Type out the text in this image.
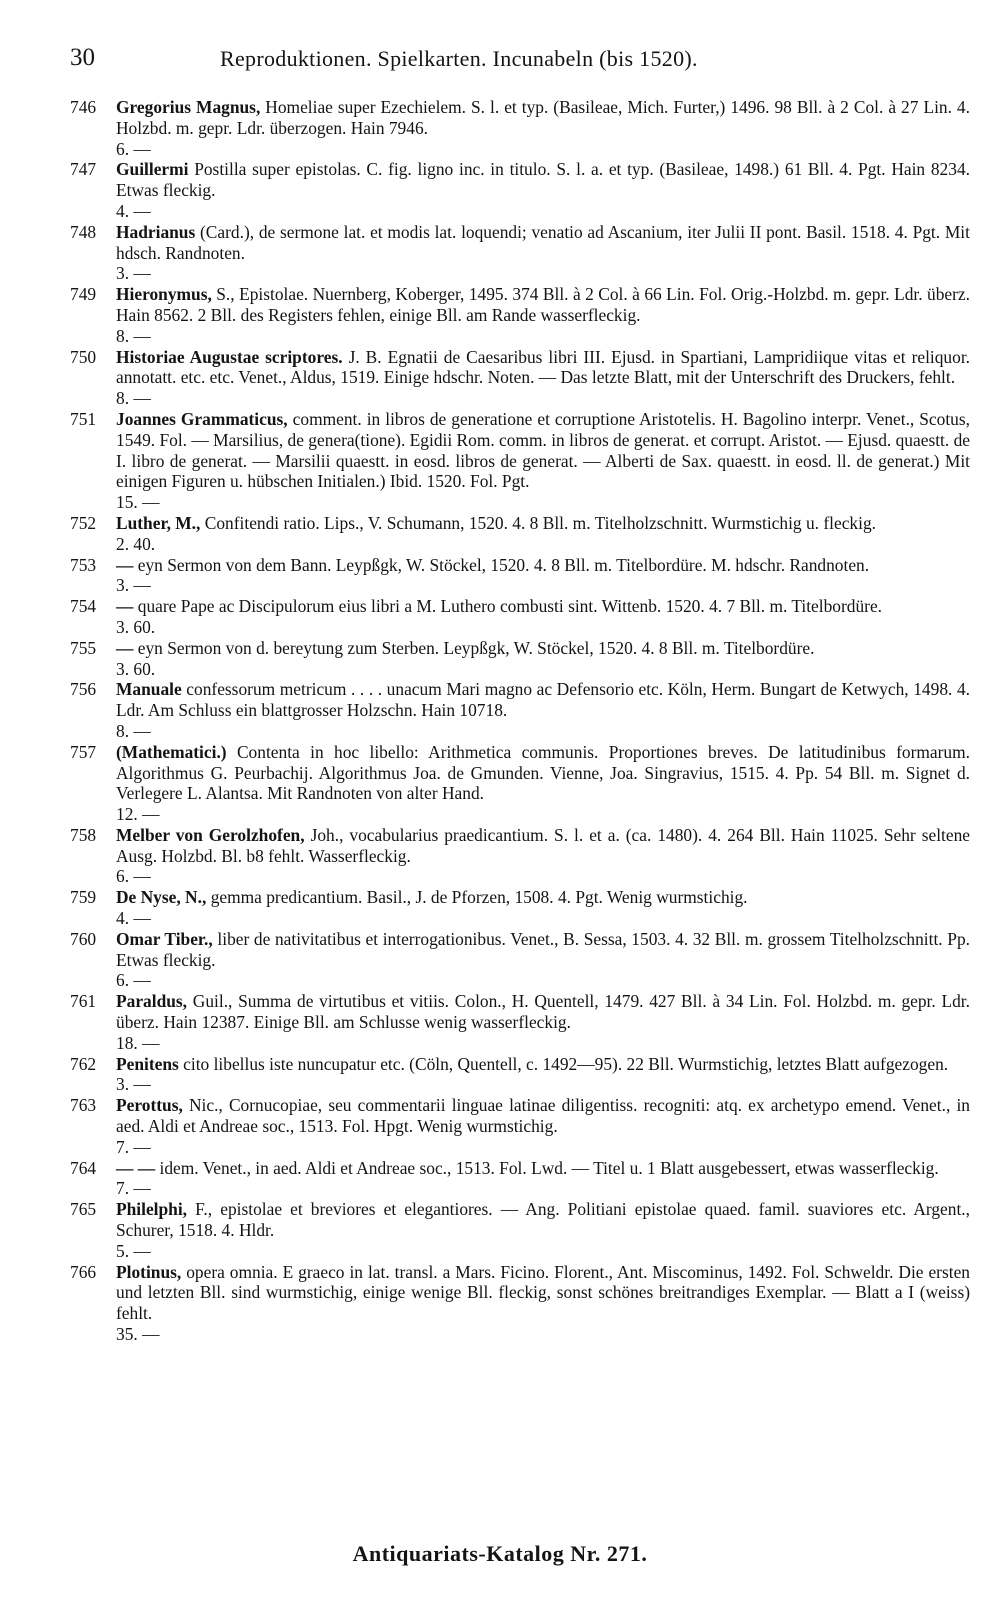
30	Reproduktionen. Spielkarten. Incunabeln (bis 1520).
746	Gregorius Magnus, Homeliae super Ezechielem. S. l. et typ. (Basileae, Mich. Furter,) 1496. 98 Bll. à 2 Col. à 27 Lin. 4. Holzbd. m. gepr. Ldr. überzogen. Hain 7946.
6. —
747	Guillermi Postilla super epistolas. C. fig. ligno inc. in titulo. S. l. a. et typ. (Basileae, 1498.) 61 Bll. 4. Pgt. Hain 8234. Etwas fleckig.
4. —
748	Hadrianus (Card.), de sermone lat. et modis lat. loquendi; venatio ad Ascanium, iter Julii II pont. Basil. 1518. 4. Pgt. Mit hdsch. Randnoten.
3. —
749	Hieronymus, S., Epistolae. Nuernberg, Koberger, 1495. 374 Bll. à 2 Col. à 66 Lin. Fol. Orig.-Holzbd. m. gepr. Ldr. überz. Hain 8562. 2 Bll. des Registers fehlen, einige Bll. am Rande wasserfleckig.
8. —
750	Historiae Augustae scriptores. J. B. Egnatii de Caesaribus libri III. Ejusd. in Spartiani, Lampridiique vitas et reliquor. annotatt. etc. etc. Venet., Aldus, 1519. Einige hdschr. Noten. — Das letzte Blatt, mit der Unterschrift des Druckers, fehlt.
8. —
751	Joannes Grammaticus, comment. in libros de generatione et corruptione Aristotelis. H. Bagolino interpr. Venet., Scotus, 1549. Fol. — Marsilius, de genera(tione). Egidii Rom. comm. in libros de generat. et corrupt. Aristot. — Ejusd. quaestt. de I. libro de generat. — Marsilii quaestt. in eosd. libros de generat. — Alberti de Sax. quaestt. in eosd. ll. de generat.) Mit einigen Figuren u. hübschen Initialen.) Ibid. 1520. Fol. Pgt.
15. —
752	Luther, M., Confitendi ratio. Lips., V. Schumann, 1520. 4. 8 Bll. m. Titelholzschnitt. Wurmstichig u. fleckig.
2. 40.
753	— eyn Sermon von dem Bann. Leypßgk, W. Stöckel, 1520. 4. 8 Bll. m. Titelbordüre. M. hdschr. Randnoten.
3. —
754	— quare Pape ac Discipulorum eius libri a M. Luthero combusti sint. Wittenb. 1520. 4. 7 Bll. m. Titelbordüre.
3. 60.
755	— eyn Sermon von d. bereytung zum Sterben. Leypßgk, W. Stöckel, 1520. 4. 8 Bll. m. Titelbordüre.
3. 60.
756	Manuale confessorum metricum . . . . unacum Mari magno ac Defensorio etc. Köln, Herm. Bungart de Ketwych, 1498. 4. Ldr. Am Schluss ein blattgrosser Holzschn. Hain 10718.
8. —
757	(Mathematici.) Contenta in hoc libello: Arithmetica communis. Proportiones breves. De latitudinibus formarum. Algorithmus G. Peurbachij. Algorithmus Joa. de Gmunden. Vienne, Joa. Singravius, 1515. 4. Pp. 54 Bll. m. Signet d. Verlegere L. Alantsa. Mit Randnoten von alter Hand.
12. —
758	Melber von Gerolzhofen, Joh., vocabularius praedicantium. S. l. et a. (ca. 1480). 4. 264 Bll. Hain 11025. Sehr seltene Ausg. Holzbd. Bl. b8 fehlt. Wasserfleckig.
6. —
759	De Nyse, N., gemma predicantium. Basil., J. de Pforzen, 1508. 4. Pgt. Wenig wurmstichig.
4. —
760	Omar Tiber., liber de nativitatibus et interrogationibus. Venet., B. Sessa, 1503. 4. 32 Bll. m. grossem Titelholzschnitt. Pp. Etwas fleckig.
6. —
761	Paraldus, Guil., Summa de virtutibus et vitiis. Colon., H. Quentell, 1479. 427 Bll. à 34 Lin. Fol. Holzbd. m. gepr. Ldr. überz. Hain 12387. Einige Bll. am Schlusse wenig wasserfleckig.
18. —
762	Penitens cito libellus iste nuncupatur etc. (Cöln, Quentell, c. 1492—95). 22 Bll. Wurmstichig, letztes Blatt aufgezogen.
3. —
763	Perottus, Nic., Cornucopiae, seu commentarii linguae latinae diligentiss. recogniti: atq. ex archetypo emend. Venet., in aed. Aldi et Andreae soc., 1513. Fol. Hpgt. Wenig wurmstichig.
7. —
764	— — idem. Venet., in aed. Aldi et Andreae soc., 1513. Fol. Lwd. — Titel u. 1 Blatt ausgebessert, etwas wasserfleckig.
7. —
765	Philelphi, F., epistolae et breviores et elegantiores. — Ang. Politiani epistolae quaed. famil. suaviores etc. Argent., Schurer, 1518. 4. Hldr.
5. —
766	Plotinus, opera omnia. E graeco in lat. transl. a Mars. Ficino. Florent., Ant. Miscominus, 1492. Fol. Schweldr. Die ersten und letzten Bll. sind wurmstichig, einige wenige Bll. fleckig, sonst schönes breitrandiges Exemplar. — Blatt a I (weiss) fehlt.
35. —
Antiquariats-Katalog Nr. 271.
